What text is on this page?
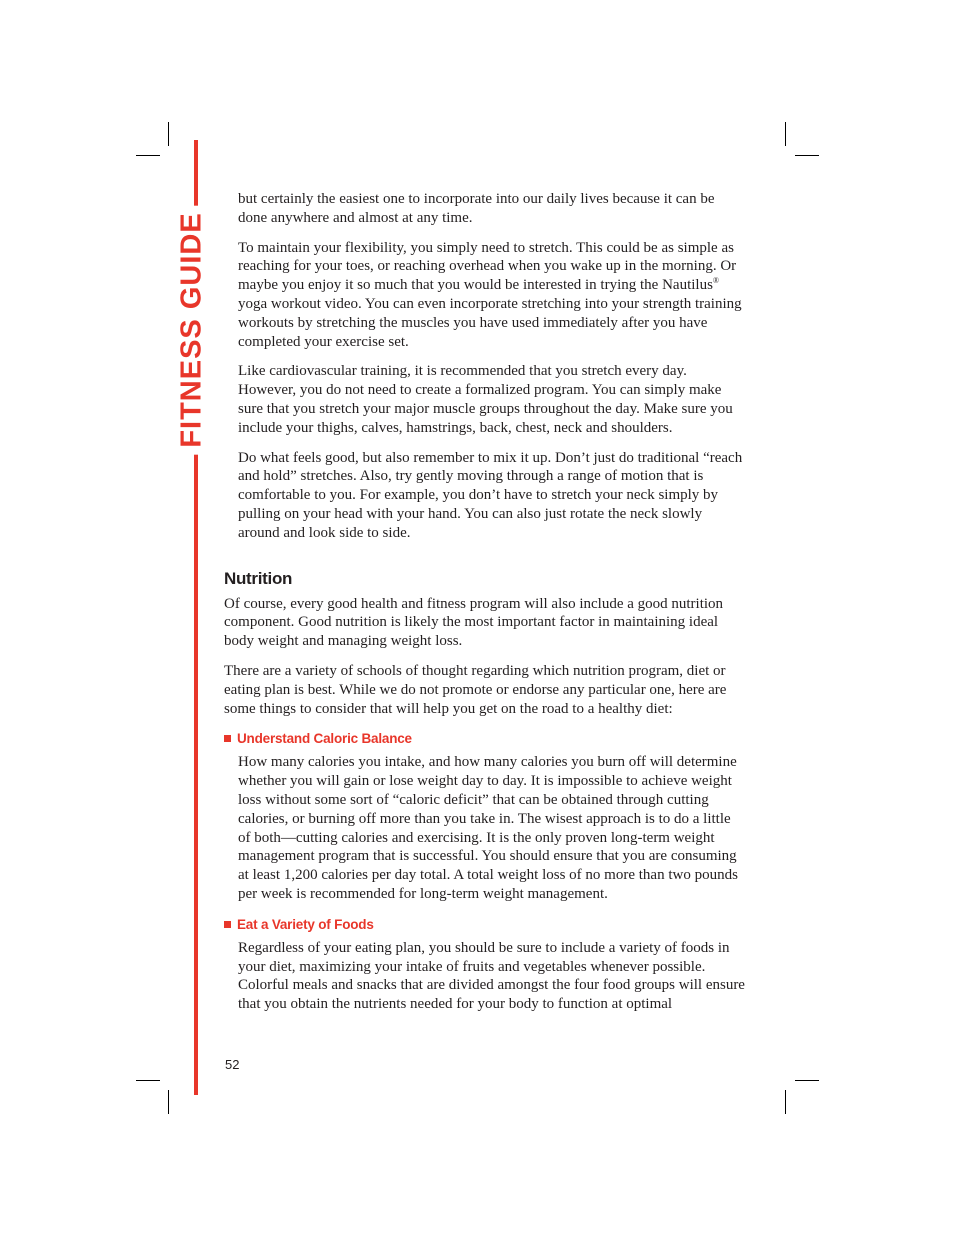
FITNESS GUIDE

but certainly the easiest one to incorporate into our daily lives because it can be done anywhere and almost at any time.

To maintain your flexibility, you simply need to stretch. This could be as simple as reaching for your toes, or reaching overhead when you wake up in the morning. Or maybe you enjoy it so much that you would be interested in trying the Nautilus® yoga workout video. You can even incorporate stretching into your strength training workouts by stretching the muscles you have used immediately after you have completed your exercise set.

Like cardiovascular training, it is recommended that you stretch every day. However, you do not need to create a formalized program. You can simply make sure that you stretch your major muscle groups throughout the day. Make sure you include your thighs, calves, hamstrings, back, chest, neck and shoulders.

Do what feels good, but also remember to mix it up. Don’t just do traditional “reach and hold” stretches. Also, try gently moving through a range of motion that is comfortable to you. For example, you don’t have to stretch your neck simply by pulling on your head with your hand. You can also just rotate the neck slowly around and look side to side.

Nutrition

Of course, every good health and fitness program will also include a good nutrition component. Good nutrition is likely the most important factor in maintaining ideal body weight and managing weight loss.

There are a variety of schools of thought regarding which nutrition program, diet or eating plan is best. While we do not promote or endorse any particular one, here are some things to consider that will help you get on the road to a healthy diet:

Understand Caloric Balance

How many calories you intake, and how many calories you burn off will determine whether you will gain or lose weight day to day. It is impossible to achieve weight loss without some sort of “caloric deficit” that can be obtained through cutting calories, or burning off more than you take in. The wisest approach is to do a little of both—cutting calories and exercising. It is the only proven long-term weight management program that is successful. You should ensure that you are consuming at least 1,200 calories per day total. A total weight loss of no more than two pounds per week is recommended for long-term weight management.

Eat a Variety of Foods

Regardless of your eating plan, you should be sure to include a variety of foods in your diet, maximizing your intake of fruits and vegetables whenever possible. Colorful meals and snacks that are divided amongst the four food groups will ensure that you obtain the nutrients needed for your body to function at optimal

52
